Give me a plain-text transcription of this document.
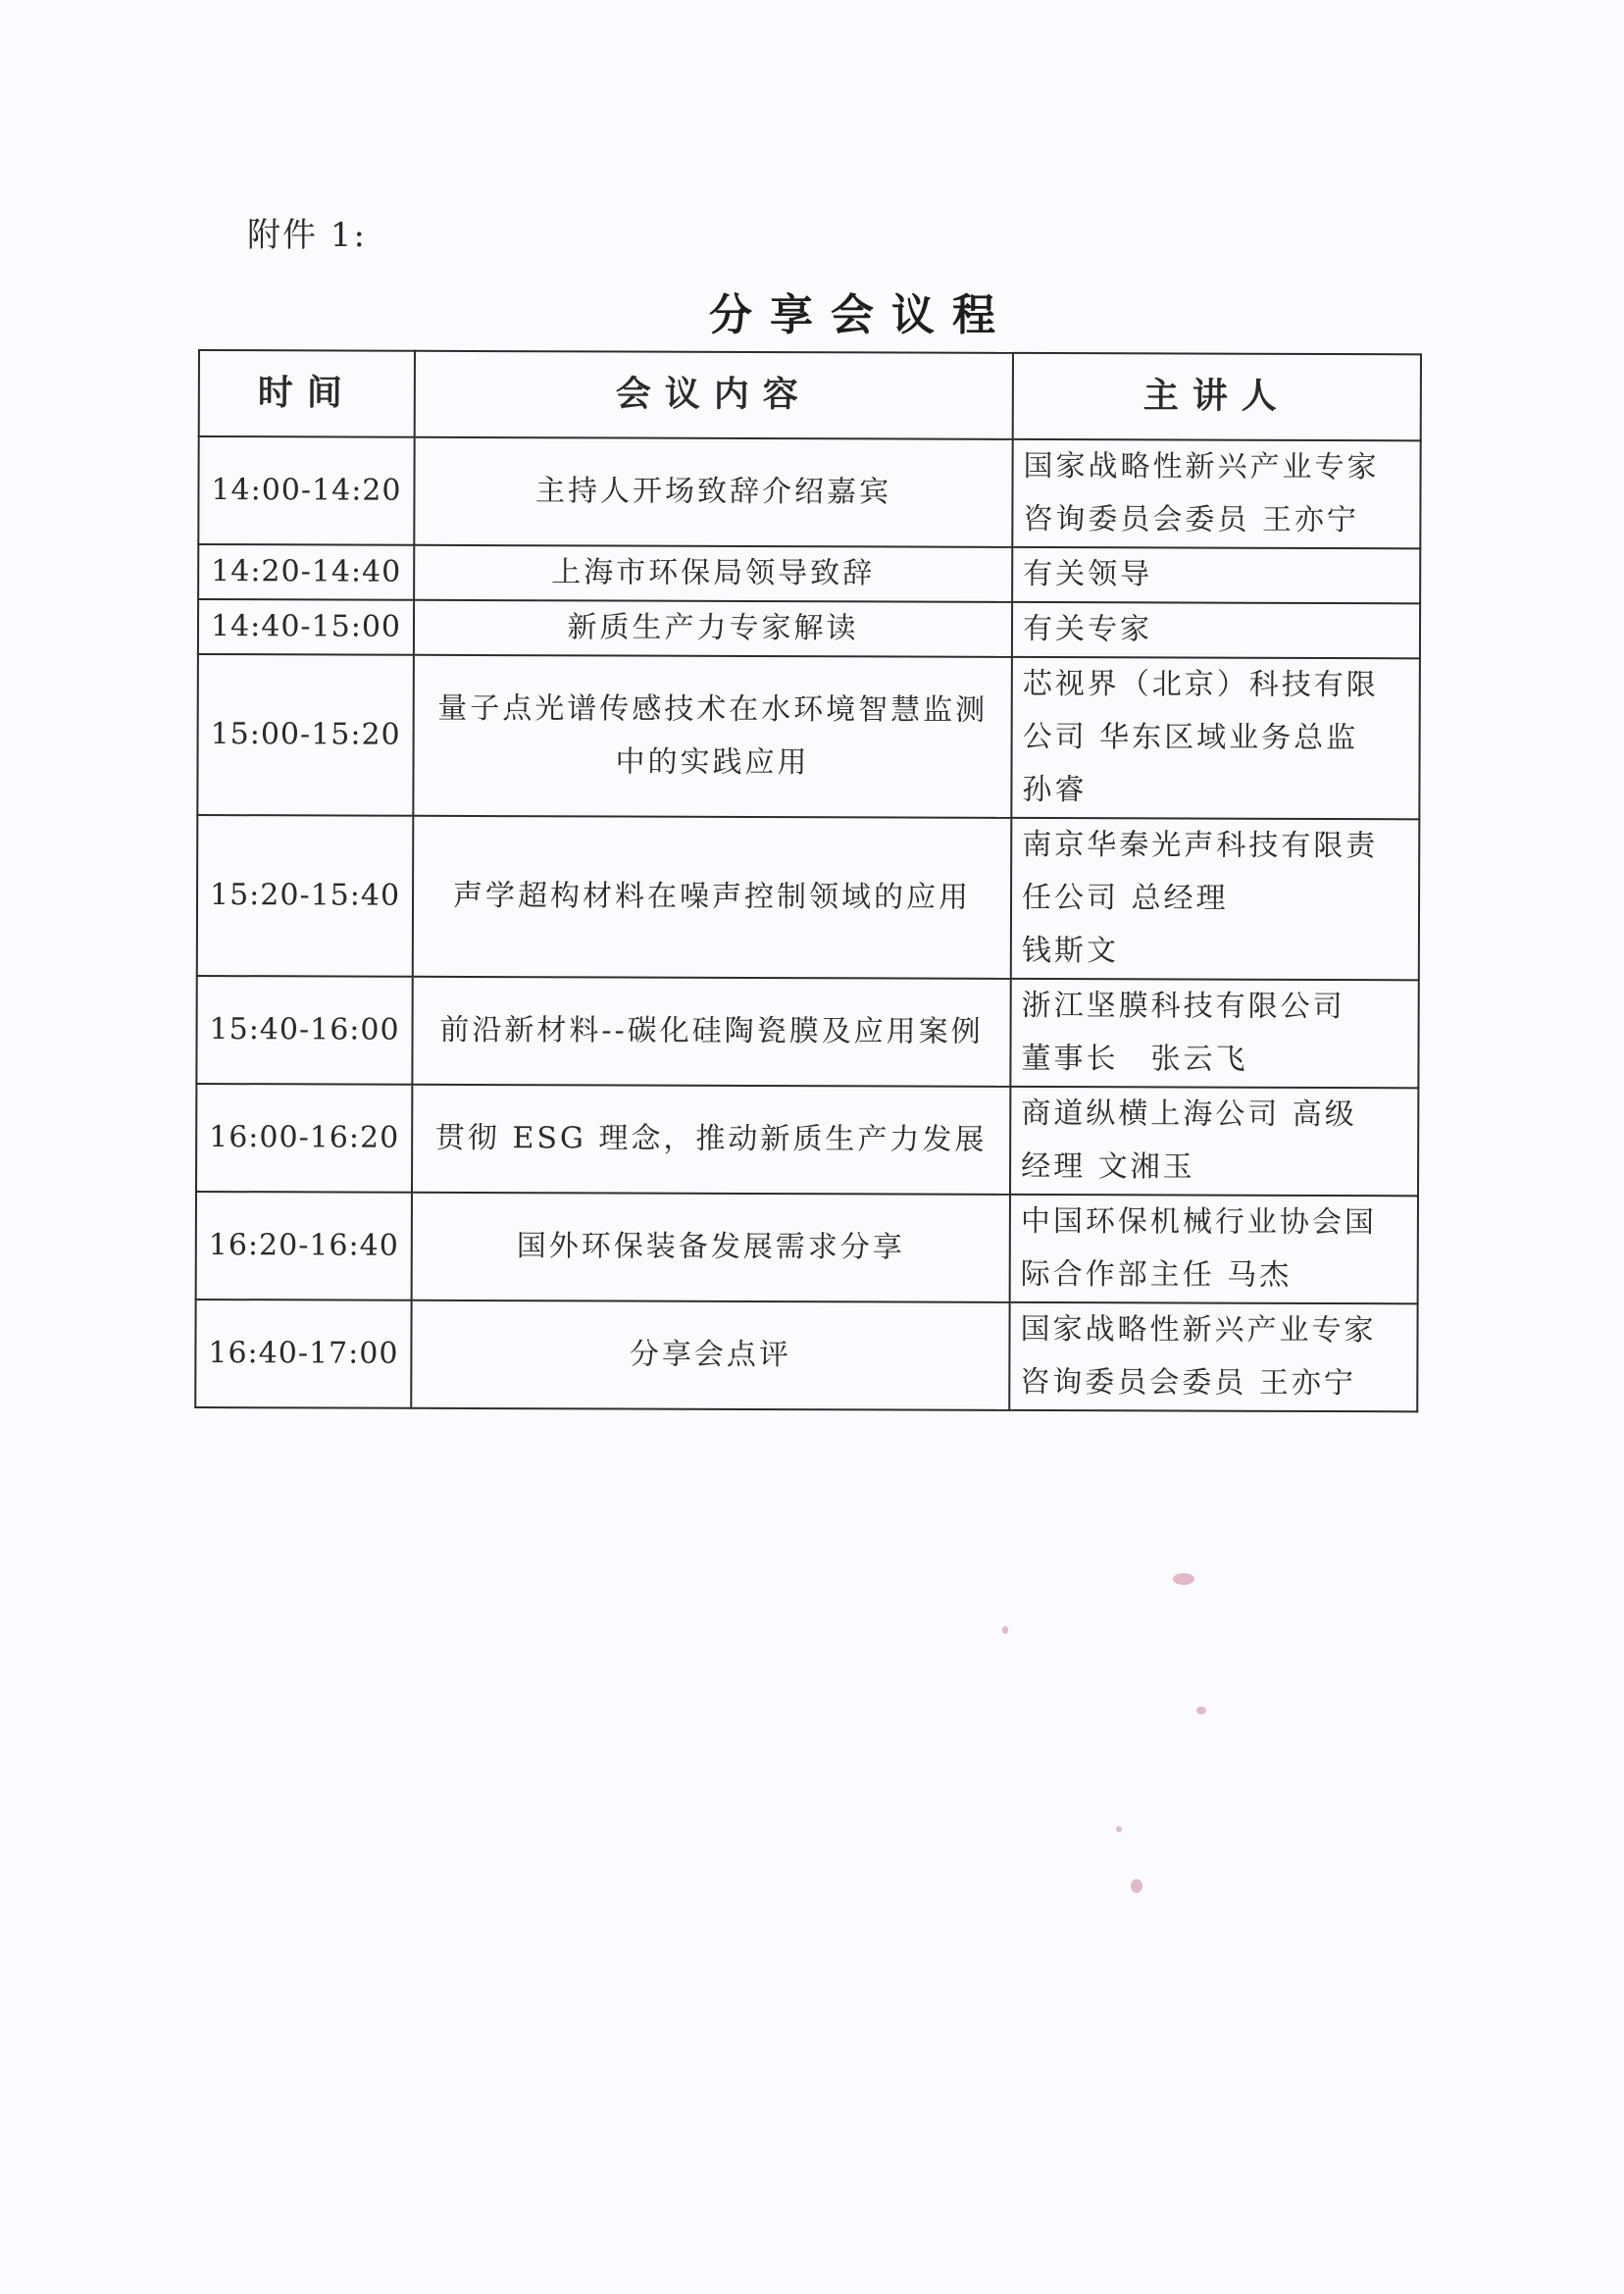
附件 1:
分享会议程
时间	会议内容	主讲人
14:00-14:20	主持人开场致辞介绍嘉宾	国家战略性新兴产业专家
咨询委员会委员 王亦宁

14:20-14:40	上海市环保局领导致辞	有关领导

14:40-15:00	新质生产力专家解读	有关专家

15:00-15:20	量子点光谱传感技术在水环境智慧监测中的实践应用	芯视界（北京）科技有限
公司 华东区域业务总监
孙睿

15:20-15:40	声学超构材料在噪声控制领域的应用	南京华秦光声科技有限责
任公司 总经理
钱斯文

15:40-16:00	前沿新材料--碳化硅陶瓷膜及应用案例	浙江坚膜科技有限公司
董事长　张云飞

16:00-16:20	贯彻 ESG 理念，推动新质生产力发展	商道纵横上海公司 高级
经理 文湘玉

16:20-16:40	国外环保装备发展需求分享	中国环保机械行业协会国
际合作部主任 马杰

16:40-17:00	分享会点评	国家战略性新兴产业专家
咨询委员会委员 王亦宁
